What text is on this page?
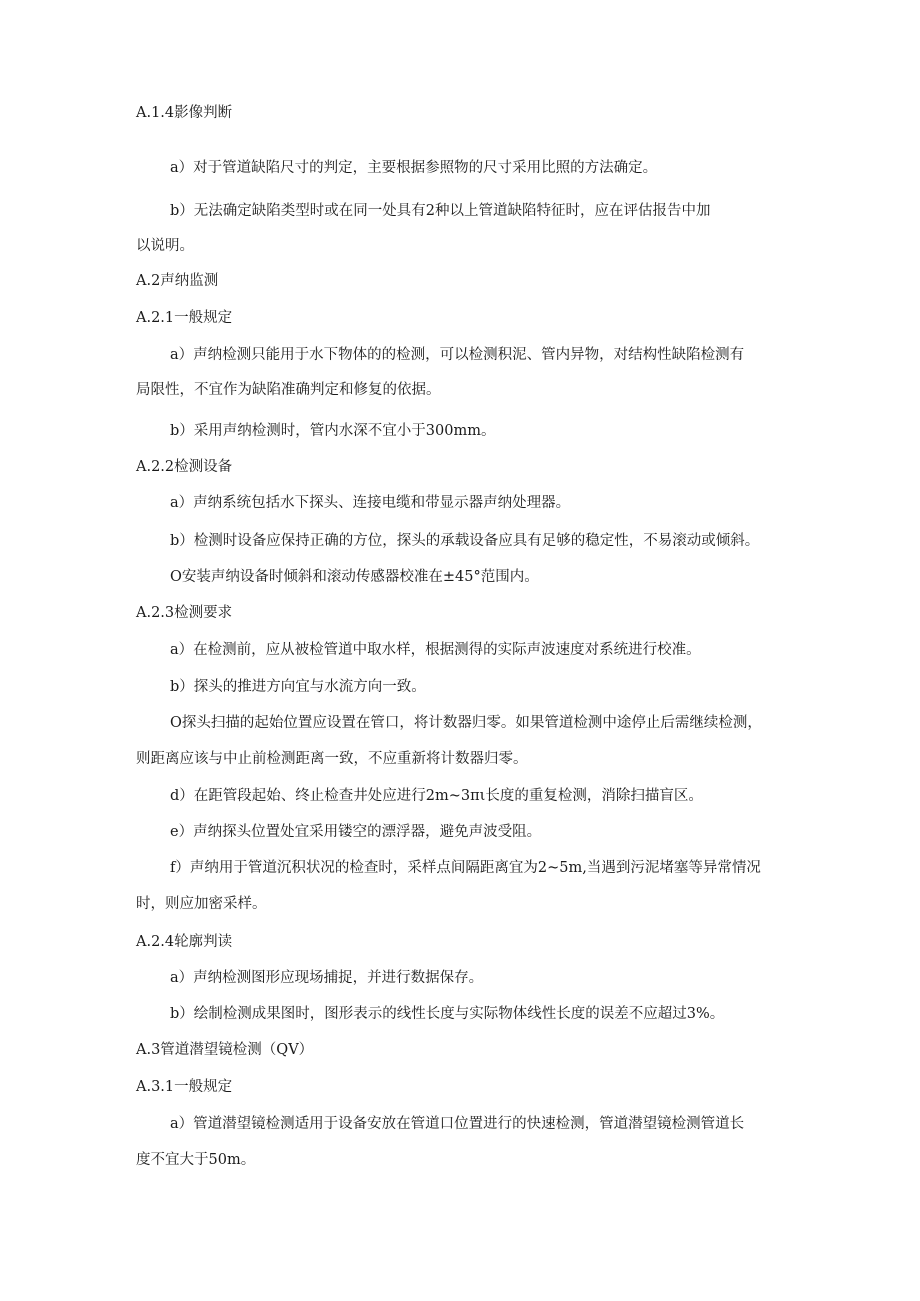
A.1.4影像判断

a）对于管道缺陷尺寸的判定，主要根据参照物的尺寸采用比照的方法确定。

b）无法确定缺陷类型时或在同一处具有2种以上管道缺陷特征时，应在评估报告中加

以说明。

A.2声纳监测

A.2.1一般规定

a）声纳检测只能用于水下物体的的检测，可以检测积泥、管内异物，对结构性缺陷检测有

局限性，不宜作为缺陷准确判定和修复的依据。

b）采用声纳检测时，管内水深不宜小于300mm。

A.2.2检测设备

a）声纳系统包括水下探头、连接电缆和带显示器声纳处理器。

b）检测时设备应保持正确的方位，探头的承载设备应具有足够的稳定性，不易滚动或倾斜。

O安装声纳设备时倾斜和滚动传感器校准在±45°范围内。

A.2.3检测要求

a）在检测前，应从被检管道中取水样，根据测得的实际声波速度对系统进行校准。

b）探头的推进方向宜与水流方向一致。

O探头扫描的起始位置应设置在管口，将计数器归零。如果管道检测中途停止后需继续检测，

则距离应该与中止前检测距离一致，不应重新将计数器归零。

d）在距管段起始、终止检查井处应进行2m~3πι长度的重复检测，消除扫描盲区。

e）声纳探头位置处宜采用镂空的漂浮器，避免声波受阻。

f）声纳用于管道沉积状况的检查时，采样点间隔距离宜为2~5m,当遇到污泥堵塞等异常情况

时，则应加密采样。

A.2.4轮廓判读

a）声纳检测图形应现场捕捉，并进行数据保存。

b）绘制检测成果图时，图形表示的线性长度与实际物体线性长度的误差不应超过3%。

A.3管道潜望镜检测（QV）

A.3.1一般规定

a）管道潜望镜检测适用于设备安放在管道口位置进行的快速检测，管道潜望镜检测管道长

度不宜大于50m。
